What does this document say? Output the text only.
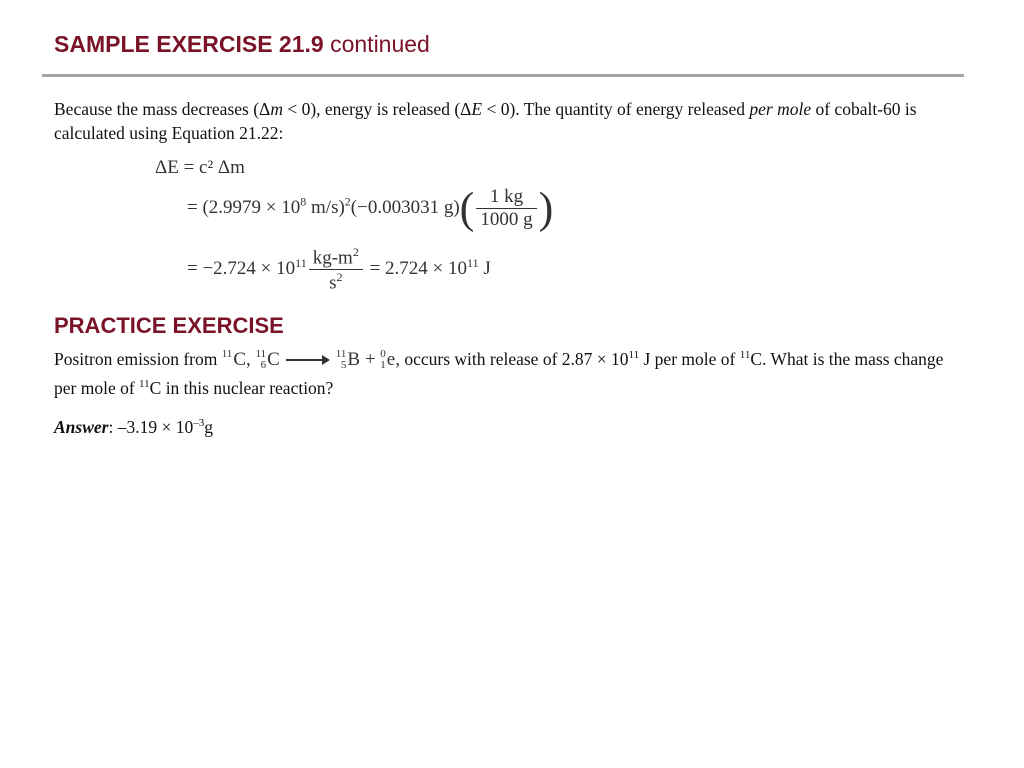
SAMPLE EXERCISE 21.9 continued

Because the mass decreases (Δm < 0), energy is released (ΔE < 0). The quantity of energy released per mole of cobalt-60 is calculated using Equation 21.22:

ΔE = c² Δm
= ($2.9979 \times 10^8$ m/s)$^2$(−0.003031 $g)( \frac{1 kg}{1000 g}$ )
= $-2.724 \times 10^{11} \frac{kg-m^2}{s^2} = 2.724 \times 10^{11}$ J
PRACTICE EXERCISE

Positron emission from 11
C, 11
6 C	11
5 B + 0
1 e, occurs with release of $2.87 \times 10^{11}$ J per mole of $^{11}$C. What is the mass change per mole of $^{11}$C in this nuclear reaction?

Answer: $-3.19 \times 10^{-3}g$
